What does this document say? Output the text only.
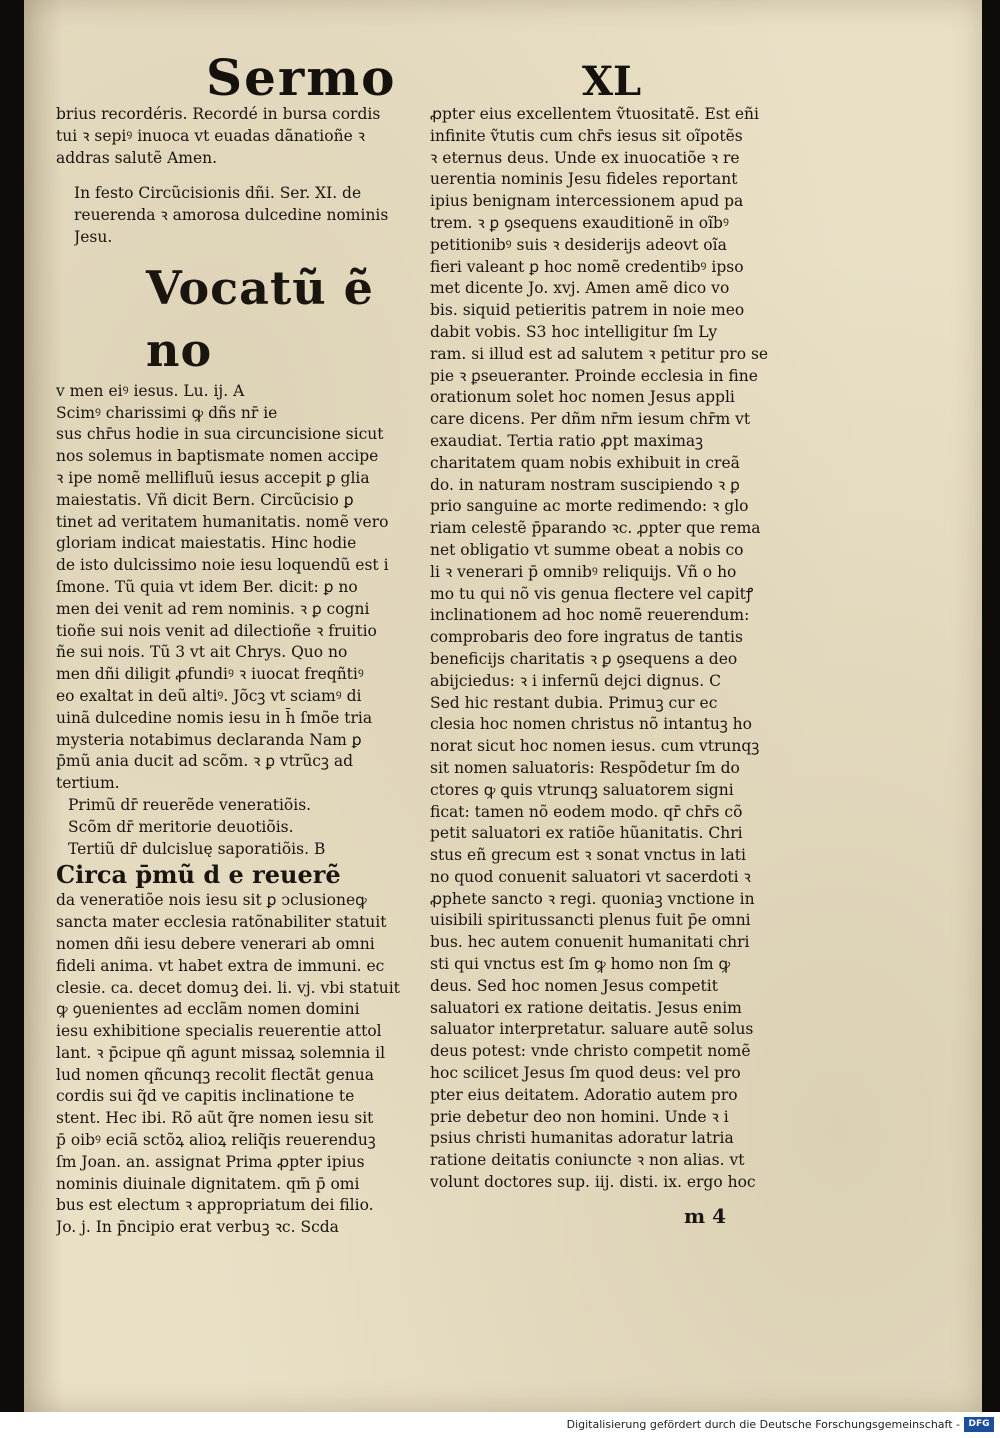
Sermo	XL
brius recordéris. Recordé in bursa cordis
tui ꝛ sepiꝰ inuoca vt euadas dãnatioñe ꝛ
addras salutẽ Amen.
In festo Circũcisionis dñi. Ser. XI. de
reuerenda ꝛ amorosa dulcedine nominis
Jesu.
Vocatũ ẽ no
v men eiꝰ iesus. Lu. ij. A
Scimꝰ charissimi ꝙ dñs nr̄ ie
sus chr̄us hodie in sua circuncisione sicut
nos solemus in baptismate nomen accipe
ꝛ ipe nomẽ mellifluũ iesus accepit ꝑ glia
maiestatis. Vñ dicit Bern. Circũcisio ꝑ
tinet ad veritatem humanitatis. nomẽ vero
gloriam indicat maiestatis. Hinc hodie
de isto dulcissimo noie iesu loquendũ est i
ſmone. Tũ quia vt idem Ber. dicit: ꝑ no
men dei venit ad rem nominis. ꝛ ꝑ cogni
tioñe sui nois venit ad dilectioñe ꝛ fruitio
ñe sui nois. Tũ 3 vt ait Chrys. Quo no
men dñi diligit ꝓfundiꝰ ꝛ iuocat freqñtiꝰ
eo exaltat in deũ altiꝰ. Jõcꝫ vt sciamꝰ di
uinã dulcedine nomis iesu in h̄ ſmõe tria
mysteria notabimus declaranda Nam ꝑ
p̄mũ ania ducit ad scõm. ꝛ ꝑ vtrũcꝫ ad
tertium.
Primũ dr̄ reuerẽde veneratiõis.
Scõm dr̄ meritorie deuotiõis.
Tertiũ dr̄ dulcisluę saporatiõis. B
Circa p̄mũ d e reuerẽ
da veneratiõe nois iesu sit ꝑ ↄclusioneꝙ
sancta mater ecclesia ratõnabiliter statuit
nomen dñi iesu debere venerari ab omni
fideli anima. vt habet extra de immuni. ec
clesie. ca. decet domuꝫ dei. li. vj. vbi statuit
ꝙ ꝯuenientes ad ecclãm nomen domini
iesu exhibitione specialis reuerentie attol
lant. ꝛ p̄cipue qñ agunt missaꝝ solemnia il
lud nomen qñcunqꝫ recolit flectãt genua
cordis sui q̃d ve capitis inclinatione te
stent. Hec ibi. Rõ aũt q̃re nomen iesu sit
p̄ oibꝰ eciã sctõꝝ alioꝝ reliq̃is reuerenduꝫ
ſm Joan. an. assignat Prima ꝓpter ipius
nominis diuinale dignitatem. qm̄ p̄ omi
bus est electum ꝛ appropriatum dei filio.
Jo. j. In p̄ncipio erat verbuꝫ ꝛc. Scda
ꝓpter eius excellentem ṽtuositatẽ. Est eñi
infinite ṽtutis cum chr̄s iesus sit oĩpotẽs
ꝛ eternus deus. Unde ex inuocatiõe ꝛ re
uerentia nominis Jesu fideles reportant
ipius benignam intercessionem apud pa
trem. ꝛ ꝑ ꝯsequens exauditionẽ in oĩbꝰ
petitionibꝰ suis ꝛ desiderijs adeovt oĩa
fieri valeant ꝑ hoc nomẽ credentibꝰ ipso
met dicente Jo. xvj. Amen amẽ dico vo
bis. siquid petieritis patrem in noie meo
dabit vobis. S3 hoc intelligitur ſm Ly
ram. si illud est ad salutem ꝛ petitur pro se
pie ꝛ ꝑseueranter. Proinde ecclesia in fine
orationum solet hoc nomen Jesus appli
care dicens. Per dñm nr̄m iesum chr̄m vt
exaudiat. Tertia ratio ꝓpt maximaꝫ
charitatem quam nobis exhibuit in creã
do. in naturam nostram suscipiendo ꝛ ꝑ
prio sanguine ac morte redimendo: ꝛ glo
riam celestẽ p̄parando ꝛc. ꝓpter que rema
net obligatio vt summe obeat a nobis co
li ꝛ venerari p̄ omnibꝰ reliquijs. Vñ o ho
mo tu qui nõ vis genua flectere vel capitꝭ
inclinationem ad hoc nomẽ reuerendum:
comprobaris deo fore ingratus de tantis
beneficijs charitatis ꝛ ꝑ ꝯsequens a deo
abijciedus: ꝛ i infernũ dejci dignus. C
Sed hic restant dubia. Primuꝫ cur ec
clesia hoc nomen christus nõ intantuꝫ ho
norat sicut hoc nomen iesus. cum vtrunqꝫ
sit nomen saluatoris: Respõdetur ſm do
ctores ꝙ ꝗuis vtrunqꝫ saluatorem signi
ficat: tamen nõ eodem modo. qr̄ chr̄s cõ
petit saluatori ex ratiõe hũanitatis. Chri
stus eñ grecum est ꝛ sonat vnctus in lati
no quod conuenit saluatori vt sacerdoti ꝛ
ꝓphete sancto ꝛ regi. quoniaꝫ vnctione in
uisibili spiritussancti plenus fuit p̄e omni
bus. hec autem conuenit humanitati chri
sti qui vnctus est ſm ꝙ homo non ſm ꝙ
deus. Sed hoc nomen Jesus competit
saluatori ex ratione deitatis. Jesus enim
saluator interpretatur. saluare autẽ solus
deus potest: vnde christo competit nomẽ
hoc scilicet Jesus ſm quod deus: vel pro
pter eius deitatem. Adoratio autem pro
prie debetur deo non homini. Unde ꝛ i
psius christi humanitas adoratur latria
ratione deitatis coniuncte ꝛ non alias. vt
volunt doctores sup. iij. disti. ix. ergo hoc
m 4
Digitalisierung gefördert durch die Deutsche Forschungsgemeinschaft - DFG
